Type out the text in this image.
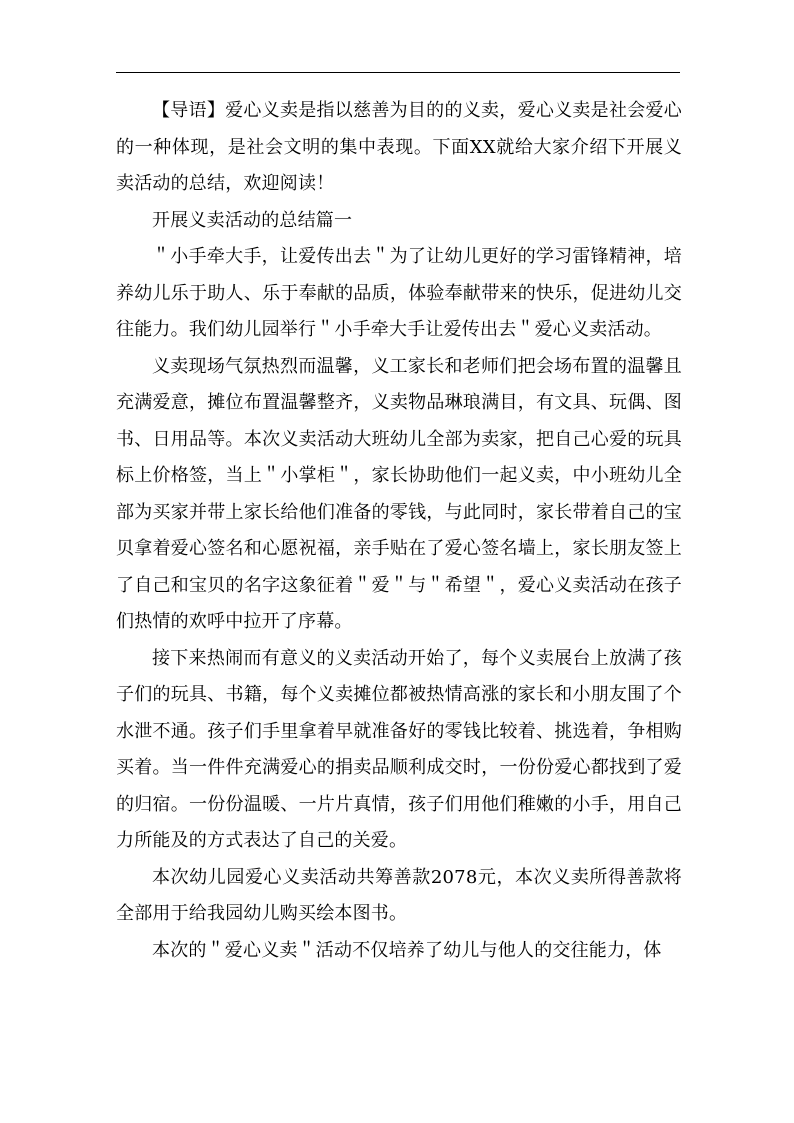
【导语】爱心义卖是指以慈善为目的的义卖，爱心义卖是社会爱心的一种体现，是社会文明的集中表现。下面XX就给大家介绍下开展义卖活动的总结，欢迎阅读！

开展义卖活动的总结篇一

＂小手牵大手，让爱传出去＂为了让幼儿更好的学习雷锋精神，培养幼儿乐于助人、乐于奉献的品质，体验奉献带来的快乐，促进幼儿交往能力。我们幼儿园举行＂小手牵大手让爱传出去＂爱心义卖活动。

义卖现场气氛热烈而温馨，义工家长和老师们把会场布置的温馨且充满爱意，摊位布置温馨整齐，义卖物品琳琅满目，有文具、玩偶、图书、日用品等。本次义卖活动大班幼儿全部为卖家，把自己心爱的玩具标上价格签，当上＂小掌柜＂，家长协助他们一起义卖，中小班幼儿全部为买家并带上家长给他们准备的零钱，与此同时，家长带着自己的宝贝拿着爱心签名和心愿祝福，亲手贴在了爱心签名墙上，家长朋友签上了自己和宝贝的名字这象征着＂爱＂与＂希望＂，爱心义卖活动在孩子们热情的欢呼中拉开了序幕。

接下来热闹而有意义的义卖活动开始了，每个义卖展台上放满了孩子们的玩具、书籍，每个义卖摊位都被热情高涨的家长和小朋友围了个水泄不通。孩子们手里拿着早就准备好的零钱比较着、挑选着，争相购买着。当一件件充满爱心的捐卖品顺利成交时，一份份爱心都找到了爱的归宿。一份份温暖、一片片真情，孩子们用他们稚嫩的小手，用自己力所能及的方式表达了自己的关爱。

本次幼儿园爱心义卖活动共筹善款2078元，本次义卖所得善款将全部用于给我园幼儿购买绘本图书。

本次的＂爱心义卖＂活动不仅培养了幼儿与他人的交往能力，体
